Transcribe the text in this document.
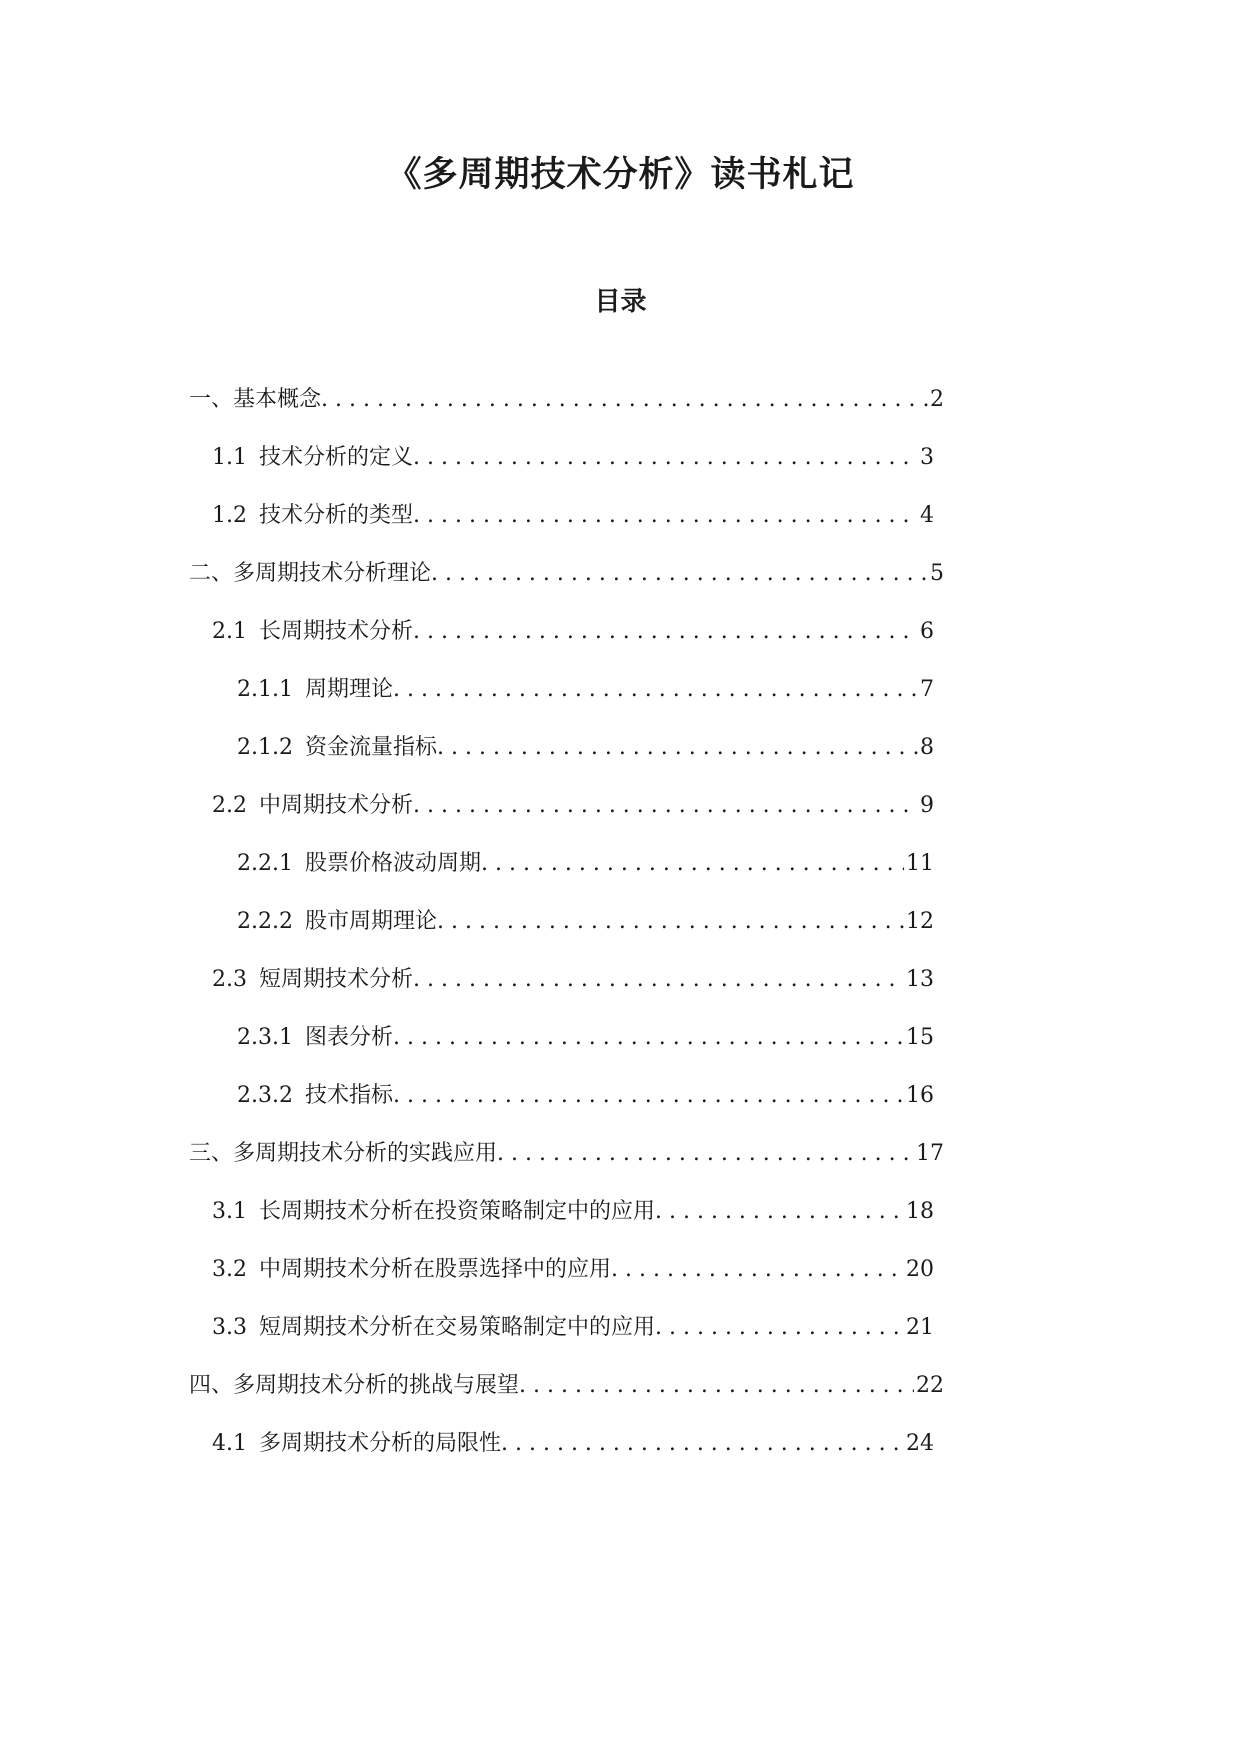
《多周期技术分析》读书札记
目录
一、 基本概念 . . .	2
1.1 技术分析的定义 . . .	3
1.2 技术分析的类型 . . .	4
二、 多周期技术分析理论 . . .	5
2.1 长周期技术分析 . . .	6
2.1.1 周期理论 . . .	7
2.1.2 资金流量指标 . . .	8
2.2 中周期技术分析 . . .	9
2.2.1 股票价格波动周期 . . .	11
2.2.2 股市周期理论 . . .	12
2.3 短周期技术分析 . . .	13
2.3.1 图表分析 . . .	15
2.3.2 技术指标 . . .	16
三、 多周期技术分析的实践应用 . . .	17
3.1 长周期技术分析在投资策略制定中的应用 . . .	18
3.2 中周期技术分析在股票选择中的应用 . . .	20
3.3 短周期技术分析在交易策略制定中的应用 . . .	21
四、 多周期技术分析的挑战与展望 . . .	22
4.1 多周期技术分析的局限性 . . .	24
